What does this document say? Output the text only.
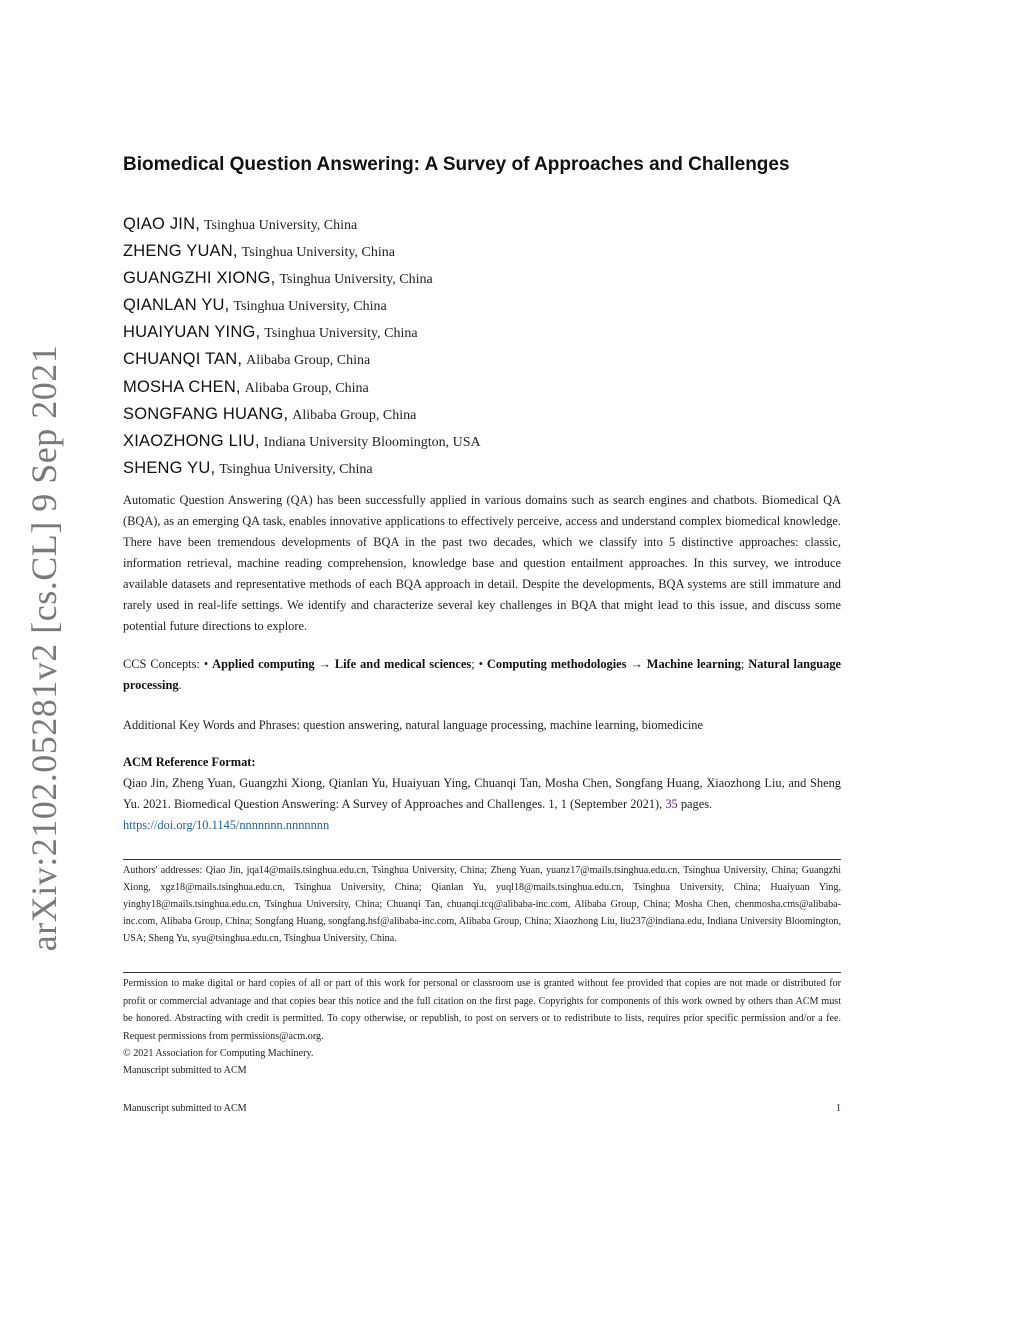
arXiv:2102.05281v2 [cs.CL] 9 Sep 2021
Biomedical Question Answering: A Survey of Approaches and Challenges
QIAO JIN, Tsinghua University, China
ZHENG YUAN, Tsinghua University, China
GUANGZHI XIONG, Tsinghua University, China
QIANLAN YU, Tsinghua University, China
HUAIYUAN YING, Tsinghua University, China
CHUANQI TAN, Alibaba Group, China
MOSHA CHEN, Alibaba Group, China
SONGFANG HUANG, Alibaba Group, China
XIAOZHONG LIU, Indiana University Bloomington, USA
SHENG YU, Tsinghua University, China

Automatic Question Answering (QA) has been successfully applied in various domains such as search engines and chatbots. Biomedical QA (BQA), as an emerging QA task, enables innovative applications to effectively perceive, access and understand complex biomedical knowledge. There have been tremendous developments of BQA in the past two decades, which we classify into 5 distinctive approaches: classic, information retrieval, machine reading comprehension, knowledge base and question entailment approaches. In this survey, we introduce available datasets and representative methods of each BQA approach in detail. Despite the developments, BQA systems are still immature and rarely used in real-life settings. We identify and characterize several key challenges in BQA that might lead to this issue, and discuss some potential future directions to explore.

CCS Concepts: • Applied computing → Life and medical sciences; • Computing methodologies → Machine learning; Natural language processing.

Additional Key Words and Phrases: question answering, natural language processing, machine learning, biomedicine
ACM Reference Format:

Qiao Jin, Zheng Yuan, Guangzhi Xiong, Qianlan Yu, Huaiyuan Ying, Chuanqi Tan, Mosha Chen, Songfang Huang, Xiaozhong Liu, and Sheng Yu. 2021. Biomedical Question Answering: A Survey of Approaches and Challenges. 1, 1 (September 2021), 35 pages.
https://doi.org/10.1145/nnnnnnn.nnnnnnn

Authors' addresses: Qiao Jin, jqa14@mails.tsinghua.edu.cn, Tsinghua University, China; Zheng Yuan, yuanz17@mails.tsinghua.edu.cn, Tsinghua University, China; Guangzhi Xiong, xgz18@mails.tsinghua.edu.cn, Tsinghua University, China; Qianlan Yu, yuql18@mails.tsinghua.edu.cn, Tsinghua University, China; Huaiyuan Ying, yinghy18@mails.tsinghua.edu.cn, Tsinghua University, China; Chuanqi Tan, chuanqi.tcq@alibaba-inc.com, Alibaba Group, China; Mosha Chen, chenmosha.cms@alibaba-inc.com, Alibaba Group, China; Songfang Huang, songfang.hsf@alibaba-inc.com, Alibaba Group, China; Xiaozhong Liu, liu237@indiana.edu, Indiana University Bloomington, USA; Sheng Yu, syu@tsinghua.edu.cn, Tsinghua University, China.

Permission to make digital or hard copies of all or part of this work for personal or classroom use is granted without fee provided that copies are not made or distributed for profit or commercial advantage and that copies bear this notice and the full citation on the first page. Copyrights for components of this work owned by others than ACM must be honored. Abstracting with credit is permitted. To copy otherwise, or republish, to post on servers or to redistribute to lists, requires prior specific permission and/or a fee. Request permissions from permissions@acm.org.

© 2021 Association for Computing Machinery.
Manuscript submitted to ACM
Manuscript submitted to ACM	1
